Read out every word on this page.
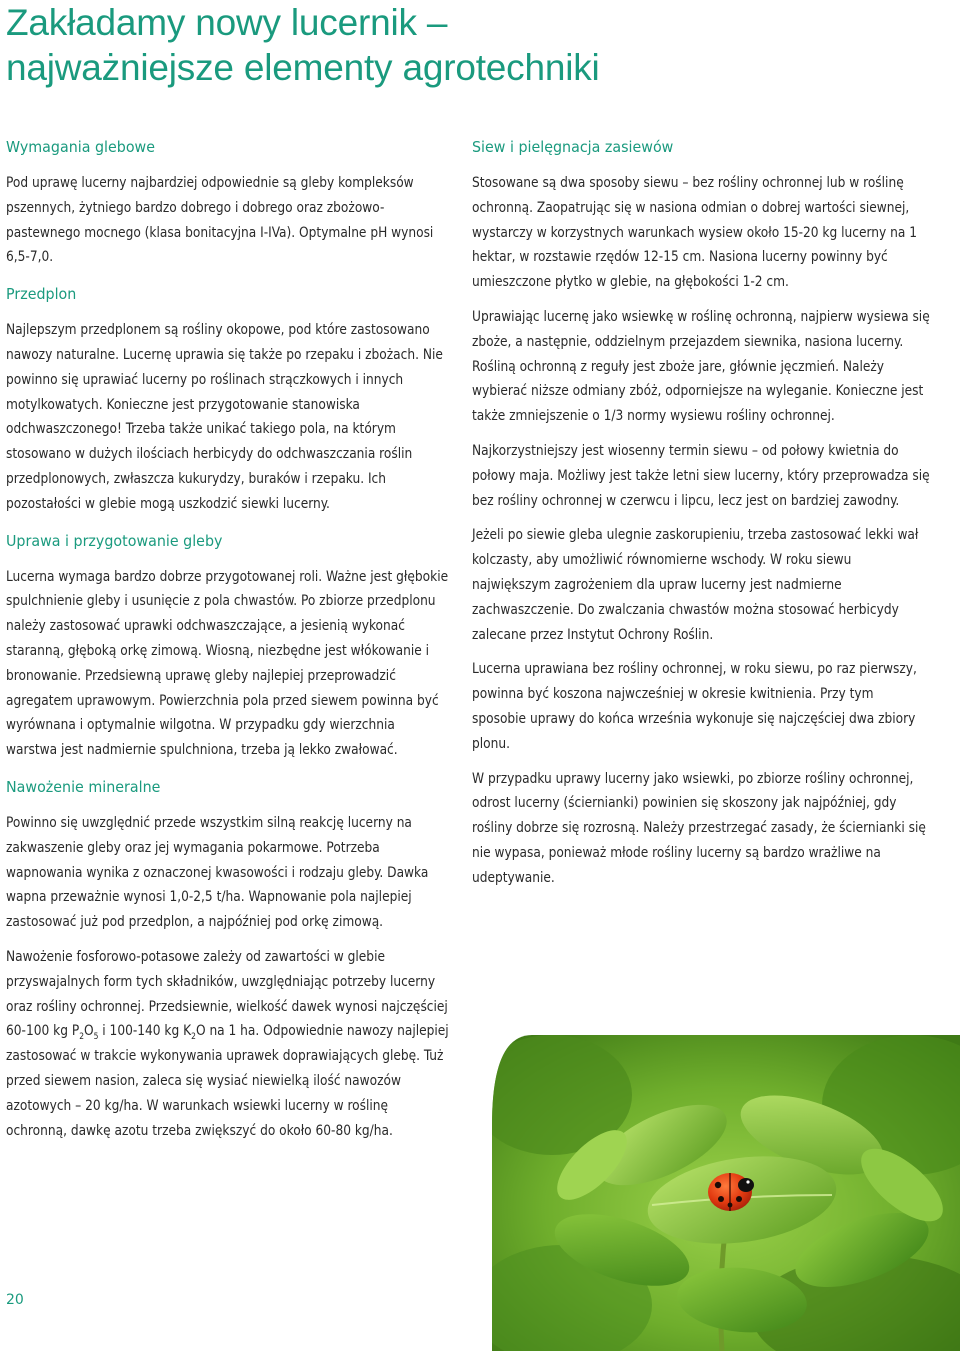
Zakładamy nowy lucernik –
najważniejsze elementy agrotechniki
Wymagania glebowe

Pod uprawę lucerny najbardziej odpowiednie są gleby kompleksów pszennych, żytniego bardzo dobrego i dobrego oraz zbożowo-pastewnego mocnego (klasa bonitacyjna I-IVa). Optymalne pH wynosi 6,5-7,0.

Przedplon

Najlepszym przedplonem są rośliny okopowe, pod które zastosowano nawozy naturalne. Lucernę uprawia się także po rzepaku i zbożach. Nie powinno się uprawiać lucerny po roślinach strączkowych i innych motylkowatych. Konieczne jest przygotowanie stanowiska odchwaszczonego! Trzeba także unikać takiego pola, na którym stosowano w dużych ilościach herbicydy do odchwaszczania roślin przedplonowych, zwłaszcza kukurydzy, buraków i rzepaku. Ich pozostałości w glebie mogą uszkodzić siewki lucerny.

Uprawa i przygotowanie gleby

Lucerna wymaga bardzo dobrze przygotowanej roli. Ważne jest głębokie spulchnienie gleby i usunięcie z pola chwastów. Po zbiorze przedplonu należy zastosować uprawki odchwaszczające, a jesienią wykonać staranną, głęboką orkę zimową. Wiosną, niezbędne jest włókowanie i bronowanie. Przedsiewną uprawę gleby najlepiej przeprowadzić agregatem uprawowym. Powierzchnia pola przed siewem powinna być wyrównana i optymalnie wilgotna. W przypadku gdy wierzchnia warstwa jest nadmiernie spulchniona, trzeba ją lekko zwałować.

Nawożenie mineralne

Powinno się uwzględnić przede wszystkim silną reakcję lucerny na zakwaszenie gleby oraz jej wymagania pokarmowe. Potrzeba wapnowania wynika z oznaczonej kwasowości i rodzaju gleby. Dawka wapna przeważnie wynosi 1,0-2,5 t/ha. Wapnowanie pola najlepiej zastosować już pod przedplon, a najpóźniej pod orkę zimową.

Nawożenie fosforowo-potasowe zależy od zawartości w glebie przyswajalnych form tych składników, uwzględniając potrzeby lucerny oraz rośliny ochronnej. Przedsiewnie, wielkość dawek wynosi najczęściej 60-100 kg $P_2O_5$ i 100-140 kg $K_2O$ na 1 ha. Odpowiednie nawozy najlepiej zastosować w trakcie wykonywania uprawek doprawiających glebę. Tuż przed siewem nasion, zaleca się wysiać niewielką ilość nawozów azotowych – 20 kg/ha. W warunkach wsiewki lucerny w roślinę ochronną, dawkę azotu trzeba zwiększyć do około 60-80 kg/ha.

Siew i pielęgnacja zasiewów

Stosowane są dwa sposoby siewu – bez rośliny ochronnej lub w roślinę ochronną. Zaopatrując się w nasiona odmian o dobrej wartości siewnej, wystarczy w korzystnych warunkach wysiew około 15-20 kg lucerny na 1 hektar, w rozstawie rzędów 12-15 cm. Nasiona lucerny powinny być umieszczone płytko w glebie, na głębokości 1-2 cm.

Uprawiając lucernę jako wsiewkę w roślinę ochronną, najpierw wysiewa się zboże, a następnie, oddzielnym przejazdem siewnika, nasiona lucerny. Rośliną ochronną z reguły jest zboże jare, głównie jęczmień. Należy wybierać niższe odmiany zbóż, odporniejsze na wyleganie. Konieczne jest także zmniejszenie o 1/3 normy wysiewu rośliny ochronnej.

Najkorzystniejszy jest wiosenny termin siewu – od połowy kwietnia do połowy maja. Możliwy jest także letni siew lucerny, który przeprowadza się bez rośliny ochronnej w czerwcu i lipcu, lecz jest on bardziej zawodny.

Jeżeli po siewie gleba ulegnie zaskorupieniu, trzeba zastosować lekki wał kolczasty, aby umożliwić równomierne wschody. W roku siewu największym zagrożeniem dla upraw lucerny jest nadmierne zachwaszczenie. Do zwalczania chwastów można stosować herbicydy zalecane przez Instytut Ochrony Roślin.

Lucerna uprawiana bez rośliny ochronnej, w roku siewu, po raz pierwszy, powinna być koszona najwcześniej w okresie kwitnienia. Przy tym sposobie uprawy do końca września wykonuje się najczęściej dwa zbiory plonu.

W przypadku uprawy lucerny jako wsiewki, po zbiorze rośliny ochronnej, odrost lucerny (ściernianki) powinien się skoszony jak najpóźniej, gdy rośliny dobrze się rozrosną. Należy przestrzegać zasady, że ściernianki się nie wypasa, ponieważ młode rośliny lucerny są bardzo wrażliwe na udeptywanie.

20
